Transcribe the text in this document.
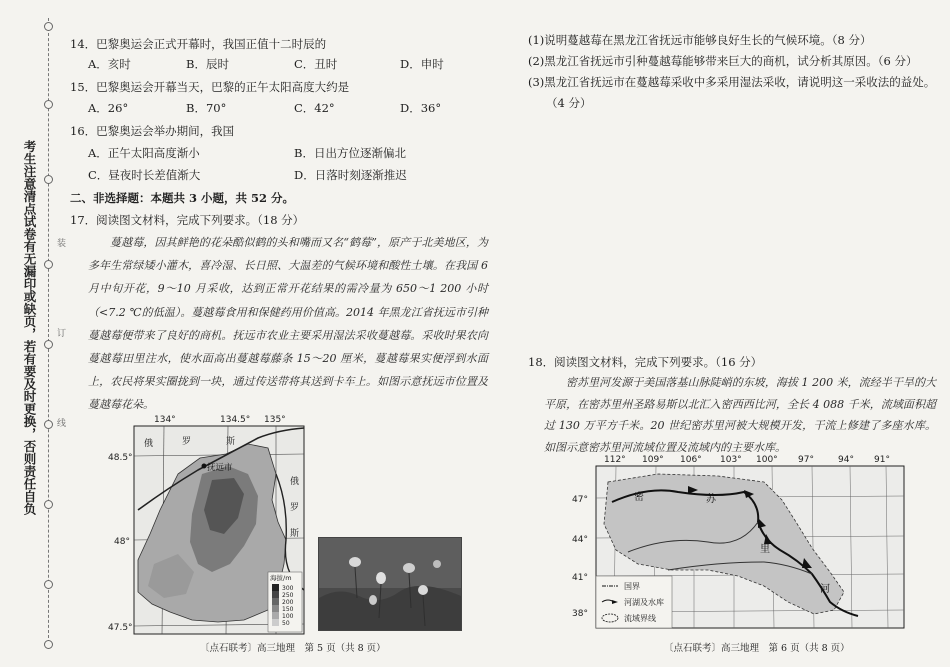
考生注意清点试卷有无漏印或缺页，若有要及时更换，否则责任自负 装
订
线
14．巴黎奥运会正式开幕时，我国正值十二时辰的
A．亥时	B．辰时	C．丑时	D．申时
15．巴黎奥运会开幕当天，巴黎的正午太阳高度大约是
A．26°	B．70°	C．42°	D．36°
16．巴黎奥运会举办期间，我国
A．正午太阳高度渐小	B．日出方位逐渐偏北
C．昼夜时长差值渐大	D．日落时刻逐渐推迟
二、非选择题：本题共 3 小题，共 52 分。
17．阅读图文材料，完成下列要求。（18 分）

蔓越莓，因其鲜艳的花朵酷似鹤的头和嘴而又名“鹤莓”，原产于北美地区，为多年生常绿矮小灌木，喜冷湿、长日照、大温差的气候环境和酸性土壤。在我国 6 月中旬开花，9～10 月采收，达到正常开花结果的需冷量为 650～1 200 小时（<7.2 ℃的低温）。蔓越莓食用和保健药用价值高。2014 年黑龙江省抚远市引种蔓越莓便带来了良好的商机。抚远市农业主要采用湿法采收蔓越莓。采收时果农向蔓越莓田里注水，使水面高出蔓越莓藤条 15～20 厘米，蔓越莓果实便浮到水面上，农民将果实圈拢到一块，通过传送带将其送到卡车上。如图示意抚远市位置及蔓越莓花朵。

134°	134.5° 135°
48.5°
48°
47.5°
抚远市
俄	罗	斯
俄
罗
斯
海拔/m
300
250
200
150
100
50
〔点石联考〕高三地理　第 5 页（共 8 页）
(1)说明蔓越莓在黑龙江省抚远市能够良好生长的气候环境。（8 分）
(2)黑龙江省抚远市引种蔓越莓能够带来巨大的商机，试分析其原因。（6 分）
(3)黑龙江省抚远市在蔓越莓采收中多采用湿法采收，请说明这一采收法的益处。
（4 分）
18．阅读图文材料，完成下列要求。（16 分）

密苏里河发源于美国落基山脉陡峭的东坡，海拔 1 200 米，流经半干旱的大平原，在密苏里州圣路易斯以北汇入密西西比河，全长 4 088 千米，流域面积超过 130 万平方千米。20 世纪密苏里河被大规模开发，干流上修建了多座水库。如图示意密苏里河流域位置及流域内的主要水库。

112° 109° 106° 103° 100° 97°	94° 91°
47°
44°
41°
38°
密	苏
里
河
国界
河湖及水库
流域界线
〔点石联考〕高三地理　第 6 页（共 8 页）
